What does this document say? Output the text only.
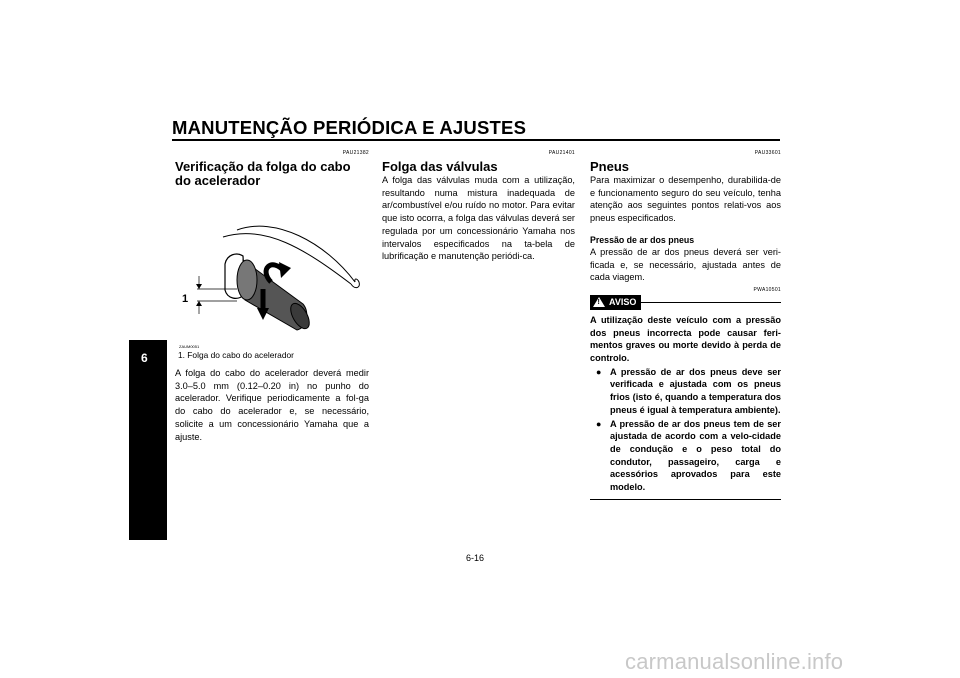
MANUTENÇÃO PERIÓDICA E AJUSTES
6
PAU21382
Verificação da folga do cabo do acelerador
1
ZAUM0051

1. Folga do cabo do acelerador

A folga do cabo do acelerador deverá medir 3.0–5.0 mm (0.12–0.20 in) no punho do acelerador. Verifique periodicamente a fol-ga do cabo do acelerador e, se necessário, solicite a um concessionário Yamaha que a ajuste.

PAU21401
Folga das válvulas

A folga das válvulas muda com a utilização, resultando numa mistura inadequada de ar/combustível e/ou ruído no motor. Para evitar que isto ocorra, a folga das válvulas deverá ser regulada por um concessionário Yamaha nos intervalos especificados na ta-bela de lubrificação e manutenção periódi-ca.

PAU33601
Pneus

Para maximizar o desempenho, durabilida-de e funcionamento seguro do seu veículo, tenha atenção aos seguintes pontos relati-vos aos pneus especificados.

Pressão de ar dos pneus

A pressão de ar dos pneus deverá ser veri-ficada e, se necessário, ajustada antes de cada viagem.

PWA10501
! AVISO

A utilização deste veículo com a pressão dos pneus incorrecta pode causar feri-mentos graves ou morte devido à perda de controlo.

● A pressão de ar dos pneus deve ser verificada e ajustada com os pneus frios (isto é, quando a temperatura dos pneus é igual à temperatura ambiente).
● A pressão de ar dos pneus tem de ser ajustada de acordo com a velo-cidade de condução e o peso total do condutor, passageiro, carga e acessórios aprovados para este modelo.
6-16
carmanualsonline.info
